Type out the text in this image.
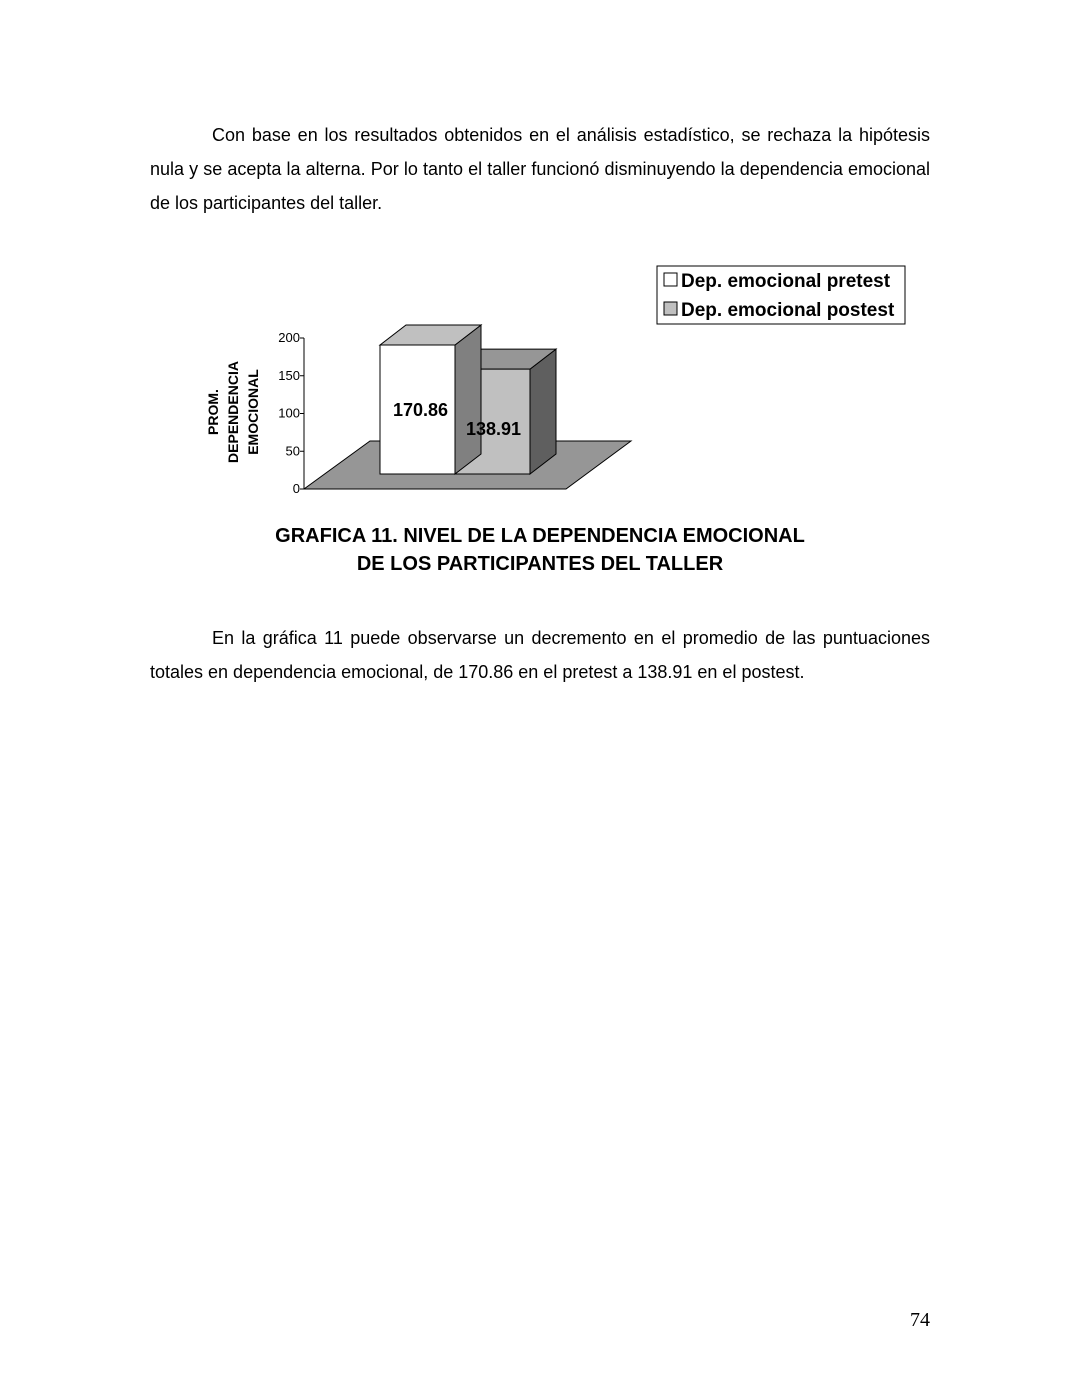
Con base en los resultados obtenidos en el análisis estadístico, se rechaza la hipótesis nula y se acepta la alterna. Por lo tanto el taller funcionó disminuyendo la dependencia emocional de los participantes del taller.

0
50
100
150
200
PROM. DEPENDENCIA EMOCIONAL	170.86
138.91
Dep. emocional pretest
Dep. emocional postest
GRAFICA 11. NIVEL DE LA DEPENDENCIA EMOCIONAL
DE LOS PARTICIPANTES DEL TALLER

En la gráfica 11 puede observarse un decremento en el promedio de las puntuaciones totales en dependencia emocional, de 170.86 en el pretest a 138.91 en el postest.

74
